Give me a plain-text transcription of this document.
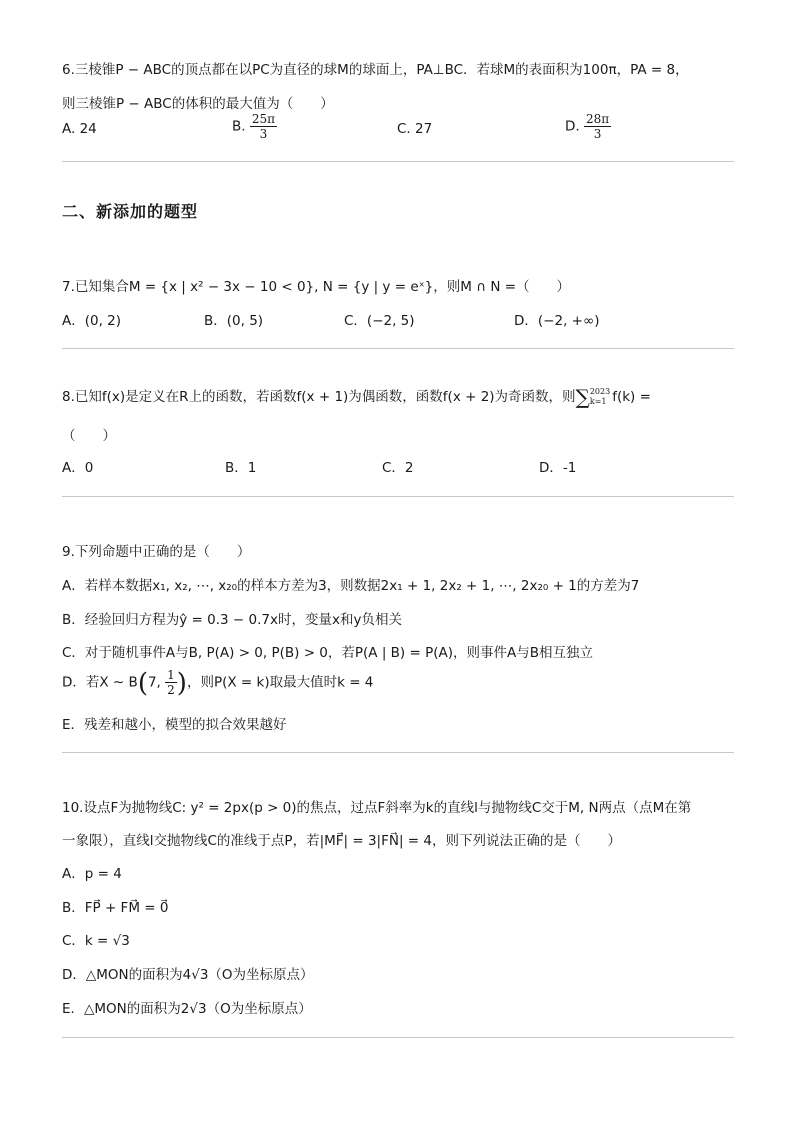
6.三棱锥P − ABC的顶点都在以PC为直径的球M的球面上，PA⊥BC．若球M的表面积为100π，PA = 8，
则三棱锥P − ABC的体积的最大值为（　　）
A. 24	B. $\frac{25\pi}{3}$	C. 27	D. $\frac{28\pi}{3}$
二、新添加的题型
7.已知集合M = {x | x² − 3x − 10 < 0}, N = {y | y = eˣ}，则M ∩ N =（　　）
A．(0, 2)	B．(0, 5)	C．(−2, 5)	D．(−2, +∞)
8.已知f(x)是定义在R上的函数，若函数f(x + 1)为偶函数，函数f(x + 2)为奇函数，则∑ 2023
k=1 f(k) =
（　　）
A．0	B．1	C．2	D．-1
9.下列命题中正确的是（　　）
A．若样本数据x₁, x₂, ⋯, x₂₀的样本方差为3，则数据2x₁ + 1, 2x₂ + 1, ⋯, 2x₂₀ + 1的方差为7
B．经验回归方程为ŷ = 0.3 − 0.7x时，变量x和y负相关
C．对于随机事件A与B, P(A) > 0, P(B) > 0，若P(A | B) = P(A)，则事件A与B相互独立
D．若X ∼ B(7, $\frac{1}{2}$ )，则P(X = k)取最大值时k = 4
E．残差和越小，模型的拟合效果越好
10.设点F为抛物线C: y² = 2px(p > 0)的焦点，过点F斜率为k的直线l与抛物线C交于M, N两点（点M在第
一象限），直线l交抛物线C的准线于点P，若|MF⃗| = 3|FN⃗| = 4，则下列说法正确的是（　　）
A．p = 4
B．FP⃗ + FM⃗ = 0⃗
C．k = √3
D．△MON的面积为4√3（O为坐标原点）
E．△MON的面积为2√3（O为坐标原点）
